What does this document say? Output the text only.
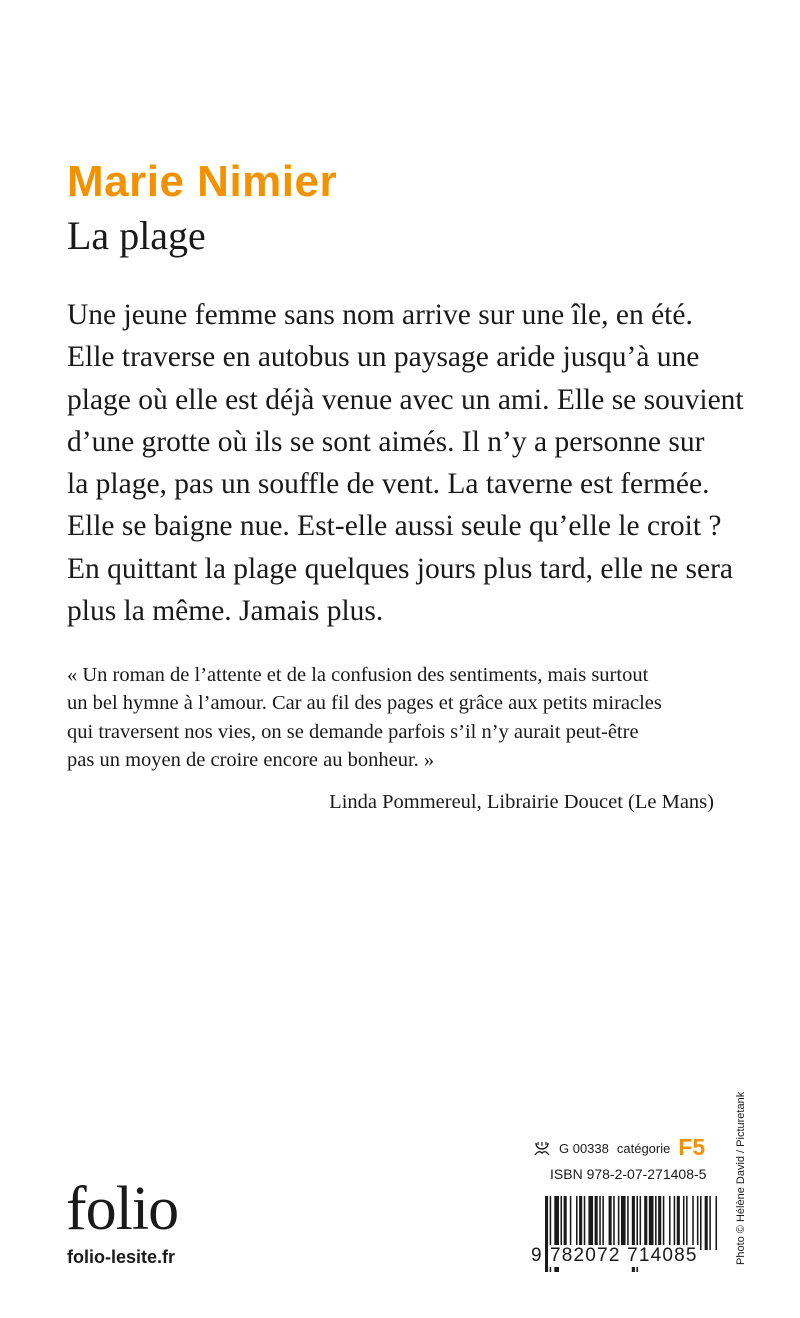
Marie Nimier
La plage
Une jeune femme sans nom arrive sur une île, en été.
Elle traverse en autobus un paysage aride jusqu’à une
plage où elle est déjà venue avec un ami. Elle se souvient
d’une grotte où ils se sont aimés. Il n’y a personne sur
la plage, pas un souffle de vent. La taverne est fermée.
Elle se baigne nue. Est-elle aussi seule qu’elle le croit ?
En quittant la plage quelques jours plus tard, elle ne sera
plus la même. Jamais plus.
« Un roman de l’attente et de la confusion des sentiments, mais surtout
un bel hymne à l’amour. Car au fil des pages et grâce aux petits miracles
qui traversent nos vies, on se demande parfois s’il n’y aurait peut-être
pas un moyen de croire encore au bonheur. »
Linda Pommereul, Librairie Doucet (Le Mans)
Photo © Hélène David / Picturetank
G 00338 catégorie F5
ISBN 978-2-07-271408-5
9 782072 714085
folio
folio-lesite.fr
